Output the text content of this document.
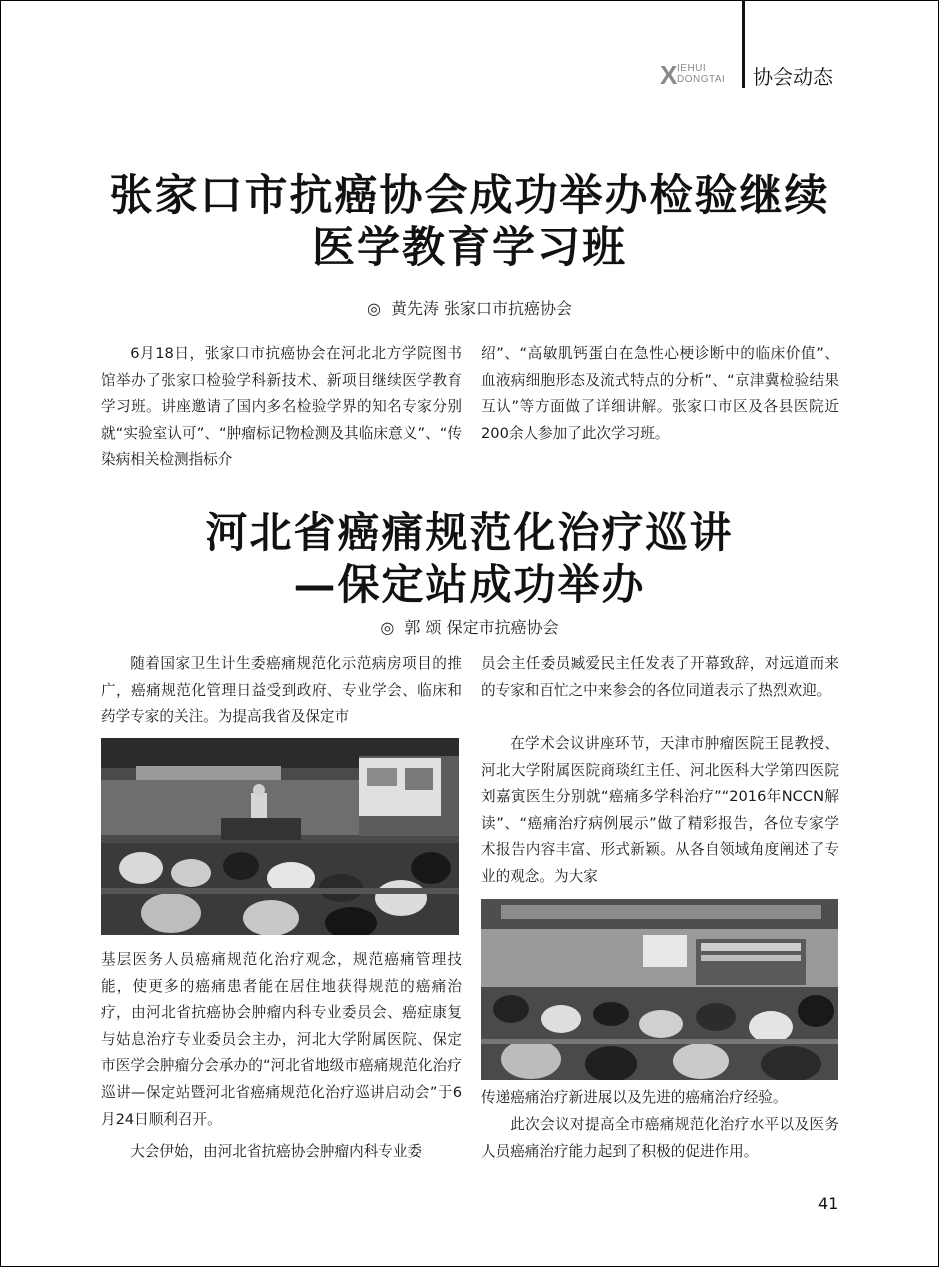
X IEHUI
DONGTAI 协会动态
张家口市抗癌协会成功举办检验继续
医学教育学习班
◎ 黄先涛 张家口市抗癌协会

6月18日，张家口市抗癌协会在河北北方学院图书馆举办了张家口检验学科新技术、新项目继续医学教育学习班。讲座邀请了国内多名检验学界的知名专家分别就“实验室认可”、“肿瘤标记物检测及其临床意义”、“传染病相关检测指标介

绍”、“高敏肌钙蛋白在急性心梗诊断中的临床价值”、血液病细胞形态及流式特点的分析”、“京津冀检验结果互认”等方面做了详细讲解。张家口市区及各县医院近200余人参加了此次学习班。

河北省癌痛规范化治疗巡讲
—保定站成功举办
◎ 郭 颂 保定市抗癌协会

随着国家卫生计生委癌痛规范化示范病房项目的推广，癌痛规范化管理日益受到政府、专业学会、临床和药学专家的关注。为提高我省及保定市

基层医务人员癌痛规范化治疗观念，规范癌痛管理技能，使更多的癌痛患者能在居住地获得规范的癌痛治疗，由河北省抗癌协会肿瘤内科专业委员会、癌症康复与姑息治疗专业委员会主办，河北大学附属医院、保定市医学会肿瘤分会承办的“河北省地级市癌痛规范化治疗巡讲—保定站暨河北省癌痛规范化治疗巡讲启动会”于6月24日顺利召开。

大会伊始，由河北省抗癌协会肿瘤内科专业委

员会主任委员臧爱民主任发表了开幕致辞，对远道而来的专家和百忙之中来参会的各位同道表示了热烈欢迎。

在学术会议讲座环节，天津市肿瘤医院王昆教授、河北大学附属医院商琰红主任、河北医科大学第四医院刘嘉寅医生分别就“癌痛多学科治疗”“2016年NCCN解读”、“癌痛治疗病例展示”做了精彩报告，各位专家学术报告内容丰富、形式新颖。从各自领域角度阐述了专业的观念。为大家

传递癌痛治疗新进展以及先进的癌痛治疗经验。

此次会议对提高全市癌痛规范化治疗水平以及医务人员癌痛治疗能力起到了积极的促进作用。

41
